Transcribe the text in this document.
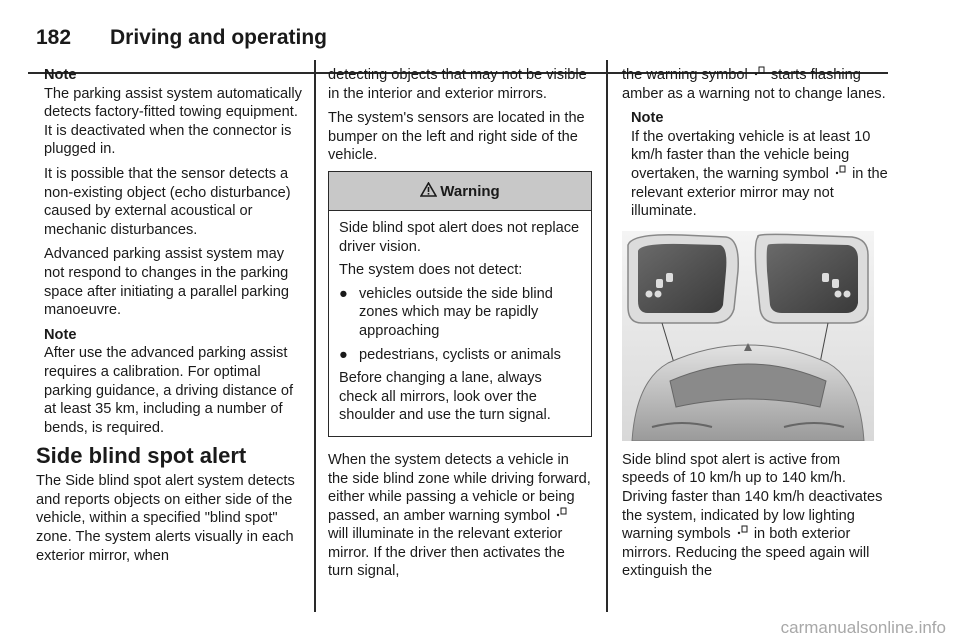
182 Driving and operating
Note

The parking assist system automatically detects factory-fitted towing equipment. It is deactivated when the connector is plugged in.

It is possible that the sensor detects a non-existing object (echo disturbance) caused by external acoustical or mechanic disturbances.

Advanced parking assist system may not respond to changes in the parking space after initiating a parallel parking manoeuvre.

Note

After use the advanced parking assist requires a calibration. For optimal parking guidance, a driving distance of at least 35 km, including a number of bends, is required.

Side blind spot alert

The Side blind spot alert system detects and reports objects on either side of the vehicle, within a specified "blind spot" zone. The system alerts visually in each exterior mirror, when

detecting objects that may not be visible in the interior and exterior mirrors.

The system's sensors are located in the bumper on the left and right side of the vehicle.

Warning

Side blind spot alert does not replace driver vision.

The system does not detect:

● vehicles outside the side blind zones which may be rapidly approaching
● pedestrians, cyclists or animals

Before changing a lane, always check all mirrors, look over the shoulder and use the turn signal.

When the system detects a vehicle in the side blind zone while driving forward, either while passing a vehicle or being passed, an amber warning symbol  will illuminate in the relevant exterior mirror. If the driver then activates the turn signal,

the warning symbol starts flashing amber as a warning not to change lanes.

Note

If the overtaking vehicle is at least 10 km/h faster than the vehicle being overtaken, the warning symbol in the relevant exterior mirror may not illuminate.

Side blind spot alert is active from speeds of 10 km/h up to 140 km/h. Driving faster than 140 km/h deactivates the system, indicated by low lighting warning symbols in both exterior mirrors. Reducing the speed again will extinguish the

carmanualsonline.info
